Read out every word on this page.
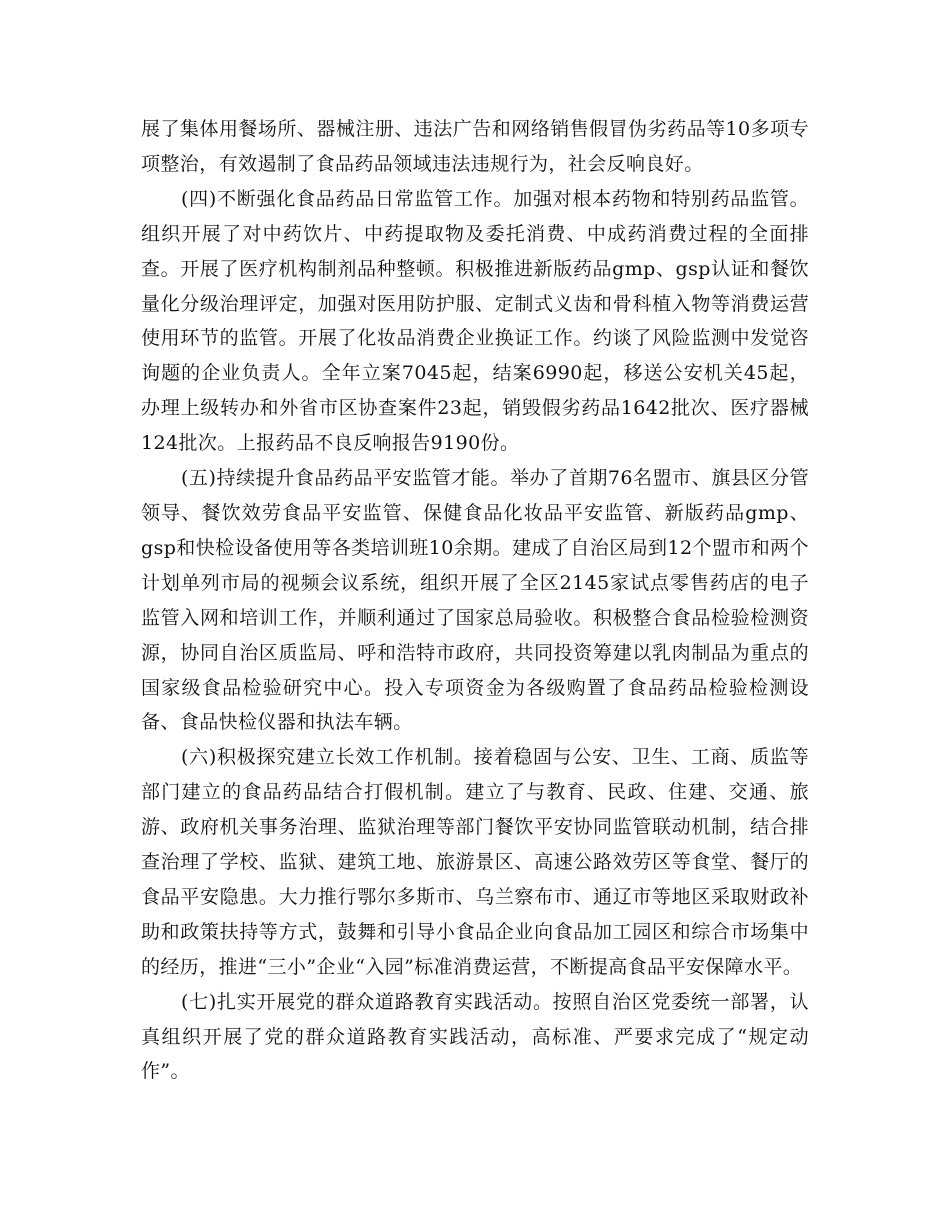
展了集体用餐场所、器械注册、违法广告和网络销售假冒伪劣药品等10多项专项整治，有效遏制了食品药品领域违法违规行为，社会反响良好。

(四)不断强化食品药品日常监管工作。加强对根本药物和特别药品监管。组织开展了对中药饮片、中药提取物及委托消费、中成药消费过程的全面排查。开展了医疗机构制剂品种整顿。积极推进新版药品gmp、gsp认证和餐饮量化分级治理评定，加强对医用防护服、定制式义齿和骨科植入物等消费运营使用环节的监管。开展了化妆品消费企业换证工作。约谈了风险监测中发觉咨询题的企业负责人。全年立案7045起，结案6990起，移送公安机关45起，办理上级转办和外省市区协查案件23起，销毁假劣药品1642批次、医疗器械124批次。上报药品不良反响报告9190份。

(五)持续提升食品药品平安监管才能。举办了首期76名盟市、旗县区分管领导、餐饮效劳食品平安监管、保健食品化妆品平安监管、新版药品gmp、gsp和快检设备使用等各类培训班10余期。建成了自治区局到12个盟市和两个计划单列市局的视频会议系统，组织开展了全区2145家试点零售药店的电子监管入网和培训工作，并顺利通过了国家总局验收。积极整合食品检验检测资源，协同自治区质监局、呼和浩特市政府，共同投资筹建以乳肉制品为重点的国家级食品检验研究中心。投入专项资金为各级购置了食品药品检验检测设备、食品快检仪器和执法车辆。

(六)积极探究建立长效工作机制。接着稳固与公安、卫生、工商、质监等部门建立的食品药品结合打假机制。建立了与教育、民政、住建、交通、旅游、政府机关事务治理、监狱治理等部门餐饮平安协同监管联动机制，结合排查治理了学校、监狱、建筑工地、旅游景区、高速公路效劳区等食堂、餐厅的食品平安隐患。大力推行鄂尔多斯市、乌兰察布市、通辽市等地区采取财政补助和政策扶持等方式，鼓舞和引导小食品企业向食品加工园区和综合市场集中的经历，推进“三小”企业“入园”标准消费运营，不断提高食品平安保障水平。

(七)扎实开展党的群众道路教育实践活动。按照自治区党委统一部署，认真组织开展了党的群众道路教育实践活动，高标准、严要求完成了“规定动作”。
